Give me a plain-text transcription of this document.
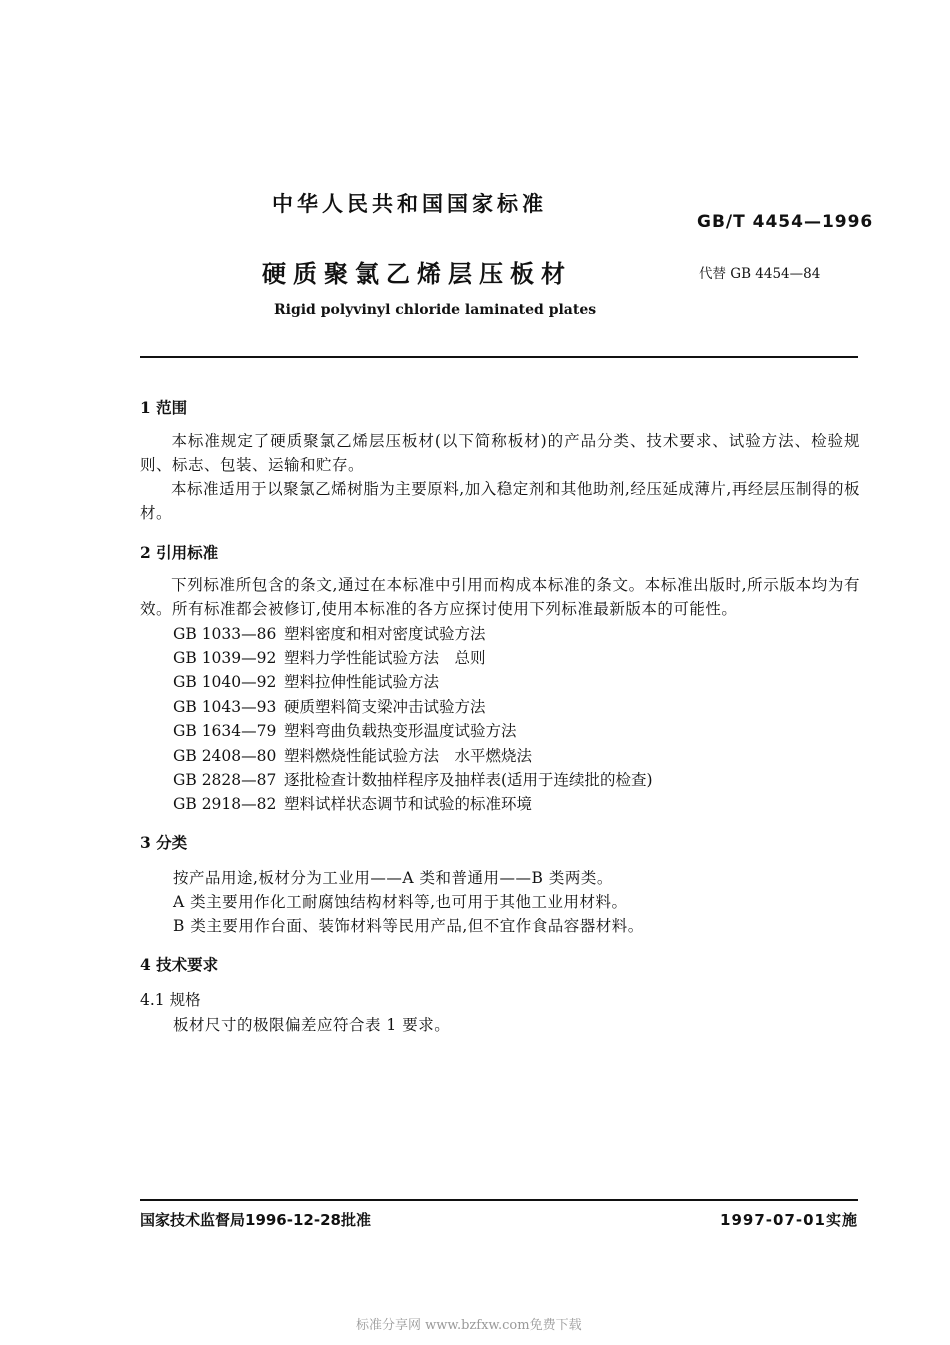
中华人民共和国国家标准
GB/T 4454—1996
硬质聚氯乙烯层压板材	代替 GB 4454—84
Rigid polyvinyl chloride laminated plates
1 范围
本标准规定了硬质聚氯乙烯层压板材(以下简称板材)的产品分类、技术要求、试验方法、检验规则、标志、包装、运输和贮存。
本标准适用于以聚氯乙烯树脂为主要原料,加入稳定剂和其他助剂,经压延成薄片,再经层压制得的板材。
2 引用标准
下列标准所包含的条文,通过在本标准中引用而构成本标准的条文。本标准出版时,所示版本均为有效。所有标准都会被修订,使用本标准的各方应探讨使用下列标准最新版本的可能性。
GB 1033—86 塑料密度和相对密度试验方法
GB 1039—92 塑料力学性能试验方法　总则
GB 1040—92 塑料拉伸性能试验方法
GB 1043—93 硬质塑料简支梁冲击试验方法
GB 1634—79 塑料弯曲负载热变形温度试验方法
GB 2408—80 塑料燃烧性能试验方法　水平燃烧法
GB 2828—87 逐批检查计数抽样程序及抽样表(适用于连续批的检查)
GB 2918—82 塑料试样状态调节和试验的标准环境
3 分类
按产品用途,板材分为工业用——A 类和普通用——B 类两类。
A 类主要用作化工耐腐蚀结构材料等,也可用于其他工业用材料。
B 类主要用作台面、装饰材料等民用产品,但不宜作食品容器材料。
4 技术要求
4.1 规格
板材尺寸的极限偏差应符合表 1 要求。
国家技术监督局1996-12-28批准	1997-07-01实施
标准分享网 www.bzfxw.com免费下载
